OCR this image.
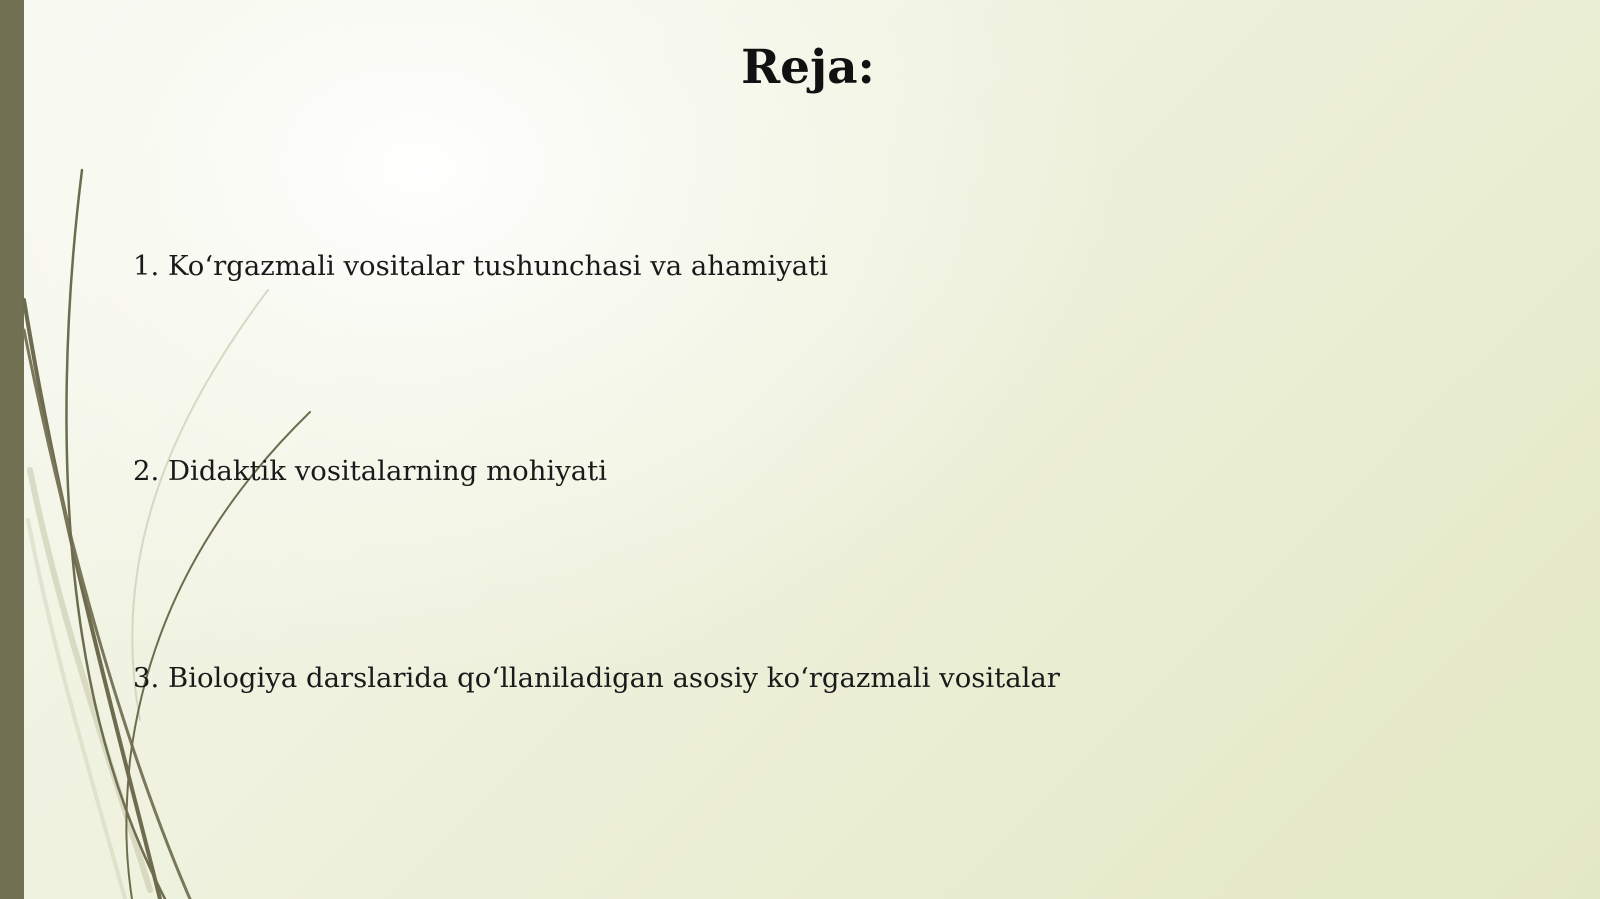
Reja:
1. Ko‘rgazmali vositalar tushunchasi va ahamiyati
2. Didaktik vositalarning mohiyati
3. Biologiya darslarida qo‘llaniladigan asosiy ko‘rgazmali vositalar
